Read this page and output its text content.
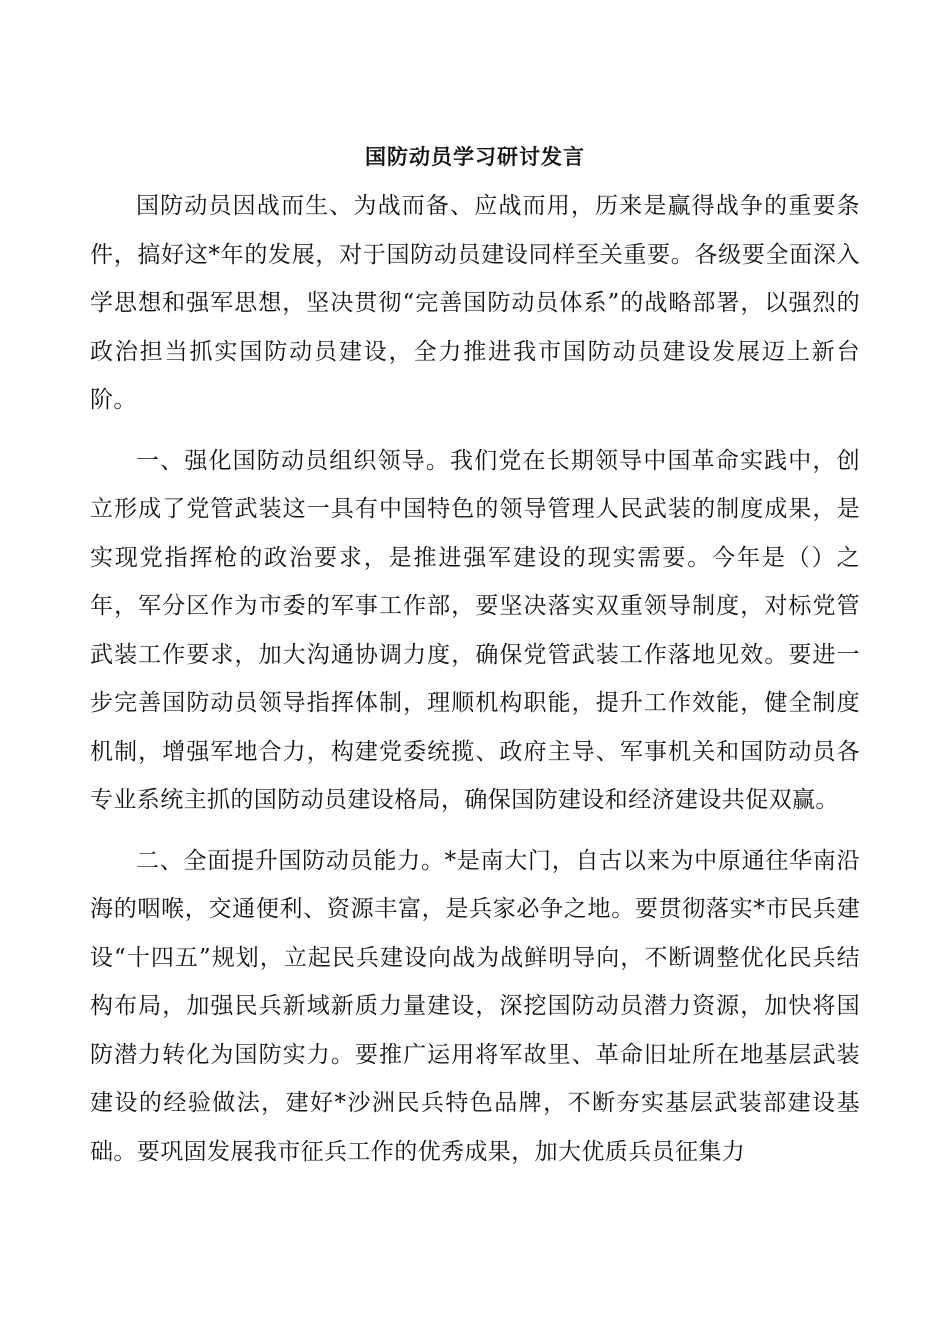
国防动员学习研讨发言

国防动员因战而生、为战而备、应战而用，历来是赢得战争的重要条件，搞好这*年的发展，对于国防动员建设同样至关重要。各级要全面深入学思想和强军思想，坚决贯彻“完善国防动员体系”的战略部署，以强烈的政治担当抓实国防动员建设，全力推进我市国防动员建设发展迈上新台阶。

一、强化国防动员组织领导。我们党在长期领导中国革命实践中，创立形成了党管武装这一具有中国特色的领导管理人民武装的制度成果，是实现党指挥枪的政治要求，是推进强军建设的现实需要。今年是（）之年，军分区作为市委的军事工作部，要坚决落实双重领导制度，对标党管武装工作要求，加大沟通协调力度，确保党管武装工作落地见效。要进一步完善国防动员领导指挥体制，理顺机构职能，提升工作效能，健全制度机制，增强军地合力，构建党委统揽、政府主导、军事机关和国防动员各专业系统主抓的国防动员建设格局，确保国防建设和经济建设共促双赢。

二、全面提升国防动员能力。*是南大门，自古以来为中原通往华南沿海的咽喉，交通便利、资源丰富，是兵家必争之地。要贯彻落实*市民兵建设“十四五”规划，立起民兵建设向战为战鲜明导向，不断调整优化民兵结构布局，加强民兵新域新质力量建设，深挖国防动员潜力资源，加快将国防潜力转化为国防实力。要推广运用将军故里、革命旧址所在地基层武装建设的经验做法，建好*沙洲民兵特色品牌，不断夯实基层武装部建设基础。要巩固发展我市征兵工作的优秀成果，加大优质兵员征集力
